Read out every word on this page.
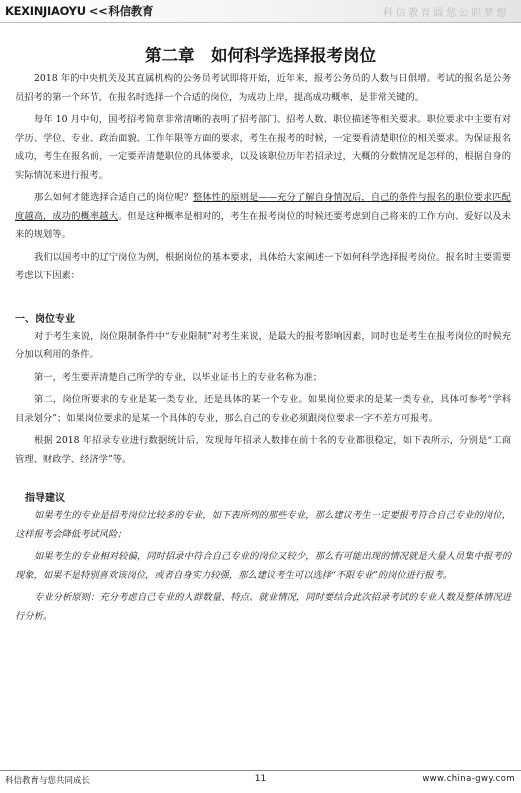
KEXINJIAOYU <<科信教育	科信教育圆您公职梦想
第二章　如何科学选择报考岗位

2018 年的中央机关及其直属机构的公务员考试即将开始，近年来，报考公务员的人数与日俱增。考试的报名是公务员招考的第一个环节，在报名时选择一个合适的岗位，为成功上岸，提高成功概率，是非常关键的。

每年 10 月中旬，国考招考简章非常清晰的表明了招考部门、招考人数、职位描述等相关要求。职位要求中主要有对学历、学位、专业、政治面貌、工作年限等方面的要求，考生在报考的时候，一定要看清楚职位的相关要求。为保证报名成功，考生在报名前，一定要弄清楚职位的具体要求，以及该职位历年若招录过，大概的分数情况是怎样的，根据自身的实际情况来进行报考。

那么如何才能选择合适自己的岗位呢？整体性的原则是——充分了解自身情况后，自己的条件与报名的职位要求匹配度越高，成功的概率越大。但是这种概率是相对的，考生在报考岗位的时候还要考虑到自己将来的工作方向、爱好以及未来的规划等。

我们以国考中的辽宁岗位为例，根据岗位的基本要求，具体给大家阐述一下如何科学选择报考岗位。报名时主要需要考虑以下因素：

一、岗位专业

对于考生来说，岗位限制条件中“专业限制”对考生来说，是最大的报考影响因素，同时也是考生在报考岗位的时候充分加以利用的条件。

第一，考生要弄清楚自己所学的专业，以毕业证书上的专业名称为准；

第二，岗位所要求的专业是某一类专业，还是具体的某一个专业。如果岗位要求的是某一类专业，具体可参考“学科目录划分”；如果岗位要求的是某一个具体的专业，那么自己的专业必须跟岗位要求一字不差方可报考。

根据 2018 年招录专业进行数据统计后，发现每年招录人数排在前十名的专业都很稳定，如下表所示，分别是“工商管理、财政学、经济学”等。

指导建议

如果考生的专业是招考岗位比较多的专业，如下表所列的那些专业，那么建议考生一定要报考符合自己专业的岗位，这样报考会降低考试风险；

如果考生的专业相对较偏，同时招录中符合自己专业的岗位又较少，那么有可能出现的情况就是大量人员集中报考的现象，如果不是特别喜欢该岗位，或者自身实力较强，那么建议考生可以选择“不限专业”的岗位进行报考。

专业分析原则：充分考虑自己专业的人群数量、特点、就业情况，同时要结合此次招录考试的专业人数及整体情况进行分析。

科信教育与您共同成长	11	www.china-gwy.com
